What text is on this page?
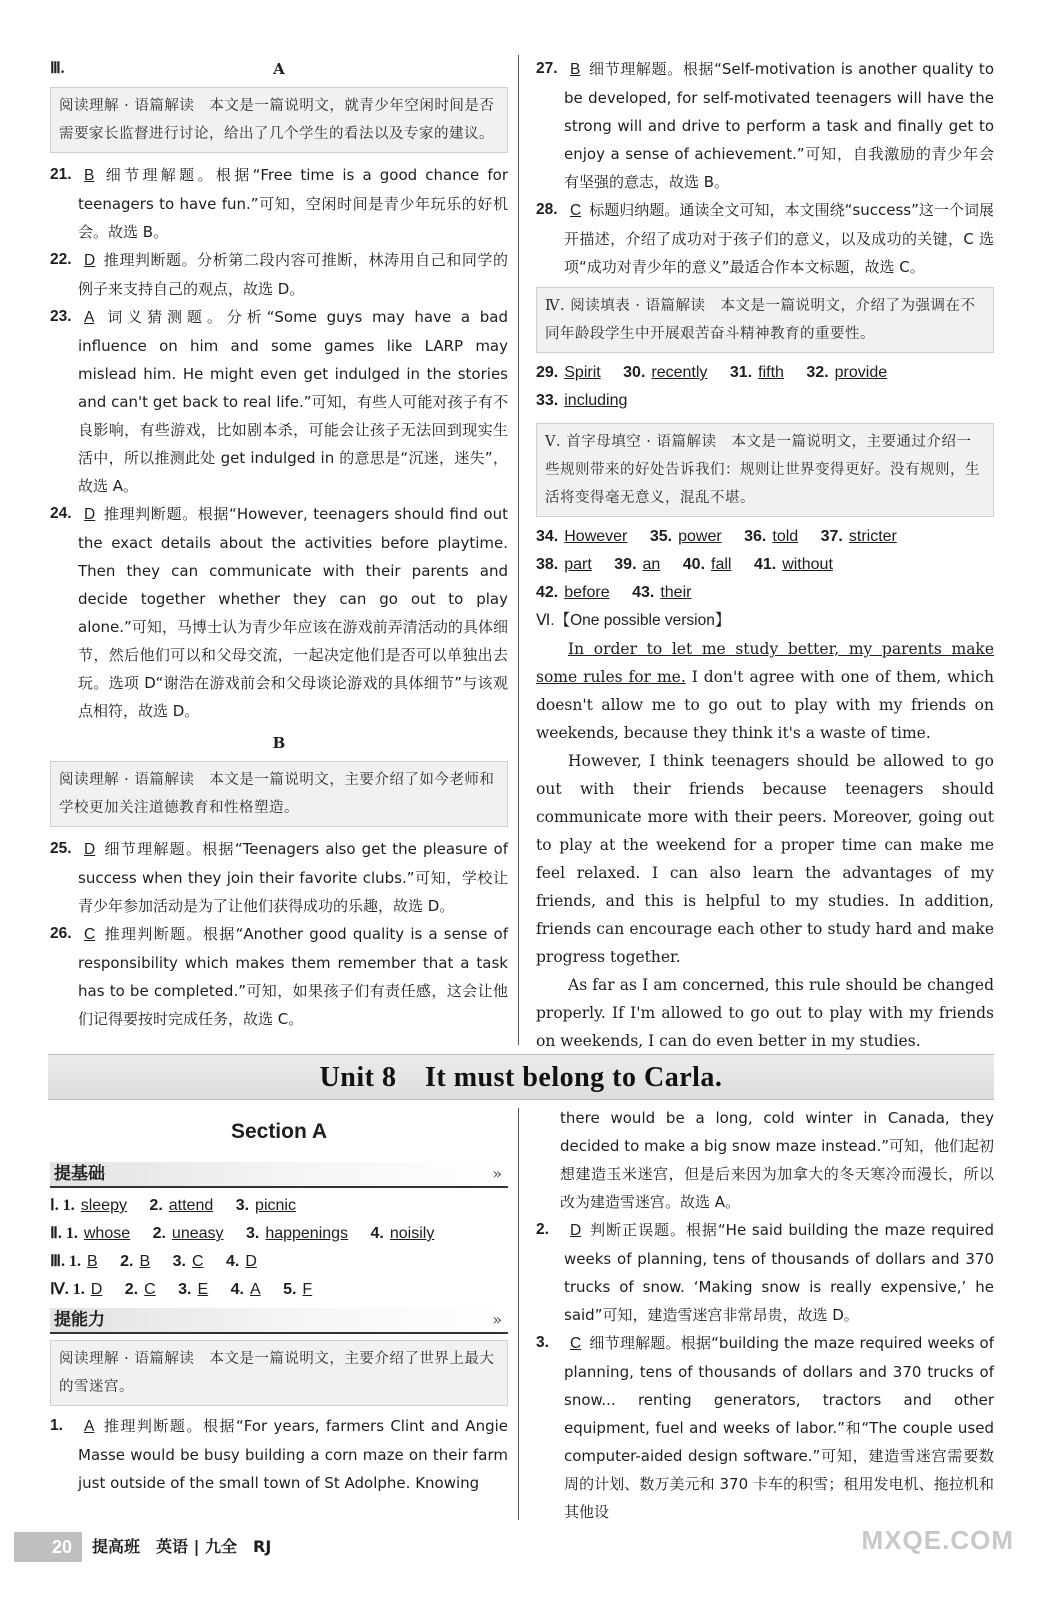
Ⅲ.	A
阅读理解 · 语篇解读　本文是一篇说明文，就青少年空闲时间是否需要家长监督进行讨论，给出了几个学生的看法以及专家的建议。
21. B 细节理解题。根据“Free time is a good chance for teenagers to have fun.”可知，空闲时间是青少年玩乐的好机会。故选 B。
22. D 推理判断题。分析第二段内容可推断，林涛用自己和同学的例子来支持自己的观点，故选 D。
23. A 词义猜测题。分析“Some guys may have a bad influence on him and some games like LARP may mislead him. He might even get indulged in the stories and can't get back to real life.”可知，有些人可能对孩子有不良影响，有些游戏，比如剧本杀，可能会让孩子无法回到现实生活中，所以推测此处 get indulged in 的意思是“沉迷，迷失”，故选 A。
24. D 推理判断题。根据“However, teenagers should find out the exact details about the activities before playtime. Then they can communicate with their parents and decide together whether they can go out to play alone.”可知，马博士认为青少年应该在游戏前弄清活动的具体细节，然后他们可以和父母交流，一起决定他们是否可以单独出去玩。选项 D“谢浩在游戏前会和父母谈论游戏的具体细节”与该观点相符，故选 D。
B
阅读理解 · 语篇解读　本文是一篇说明文，主要介绍了如今老师和学校更加关注道德教育和性格塑造。
25. D 细节理解题。根据“Teenagers also get the pleasure of success when they join their favorite clubs.”可知，学校让青少年参加活动是为了让他们获得成功的乐趣，故选 D。
26. C 推理判断题。根据“Another good quality is a sense of responsibility which makes them remember that a task has to be completed.”可知，如果孩子们有责任感，这会让他们记得要按时完成任务，故选 C。
27. B 细节理解题。根据“Self-motivation is another quality to be developed, for self-motivated teenagers will have the strong will and drive to perform a task and finally get to enjoy a sense of achievement.”可知，自我激励的青少年会有坚强的意志，故选 B。
28. C 标题归纳题。通读全文可知，本文围绕“success”这一个词展开描述，介绍了成功对于孩子们的意义，以及成功的关键，C 选项“成功对青少年的意义”最适合作本文标题，故选 C。
Ⅳ. 阅读填表 · 语篇解读　本文是一篇说明文，介绍了为强调在不同年龄段学生中开展艰苦奋斗精神教育的重要性。
29. Spirit 30. recently 31. fifth 32. provide
33. including
Ⅴ. 首字母填空 · 语篇解读　本文是一篇说明文，主要通过介绍一些规则带来的好处告诉我们：规则让世界变得更好。没有规则，生活将变得毫无意义，混乱不堪。
34. However 35. power 36. told 37. stricter
38. part 39. an 40. fall 41. without
42. before 43. their
Ⅵ.【One possible version】

In order to let me study better, my parents make some rules for me. I don't agree with one of them, which doesn't allow me to go out to play with my friends on weekends, because they think it's a waste of time.

However, I think teenagers should be allowed to go out with their friends because teenagers should communicate more with their peers. Moreover, going out to play at the weekend for a proper time can make me feel relaxed. I can also learn the advantages of my friends, and this is helpful to my studies. In addition, friends can encourage each other to study hard and make progress together.

As far as I am concerned, this rule should be changed properly. If I'm allowed to go out to play with my friends on weekends, I can do even better in my studies.

Unit 8　It must belong to Carla.
Section A
提基础	»
Ⅰ. 1. sleepy 2. attend 3. picnic
Ⅱ. 1. whose 2. uneasy 3. happenings 4. noisily
Ⅲ. 1. B 2. B 3. C 4. D
Ⅳ. 1. D 2. C 3. E 4. A 5. F
提能力	»
阅读理解 · 语篇解读　本文是一篇说明文，主要介绍了世界上最大的雪迷宫。
1. A 推理判断题。根据“For years, farmers Clint and Angie Masse would be busy building a corn maze on their farm just outside of the small town of St Adolphe. Knowing
there would be a long, cold winter in Canada, they decided to make a big snow maze instead.”可知，他们起初想建造玉米迷宫，但是后来因为加拿大的冬天寒冷而漫长，所以改为建造雪迷宫。故选 A。
2. D 判断正误题。根据“He said building the maze required weeks of planning, tens of thousands of dollars and 370 trucks of snow. ‘Making snow is really expensive,’ he said”可知，建造雪迷宫非常昂贵，故选 D。
3. C 细节理解题。根据“building the maze required weeks of planning, tens of thousands of dollars and 370 trucks of snow... renting generators, tractors and other equipment, fuel and weeks of labor.”和“The couple used computer-aided design software.”可知，建造雪迷宫需要数周的计划、数万美元和 370 卡车的积雪；租用发电机、拖拉机和其他设
20	提高班　英语 | 九全　RJ	MXQE.COM
